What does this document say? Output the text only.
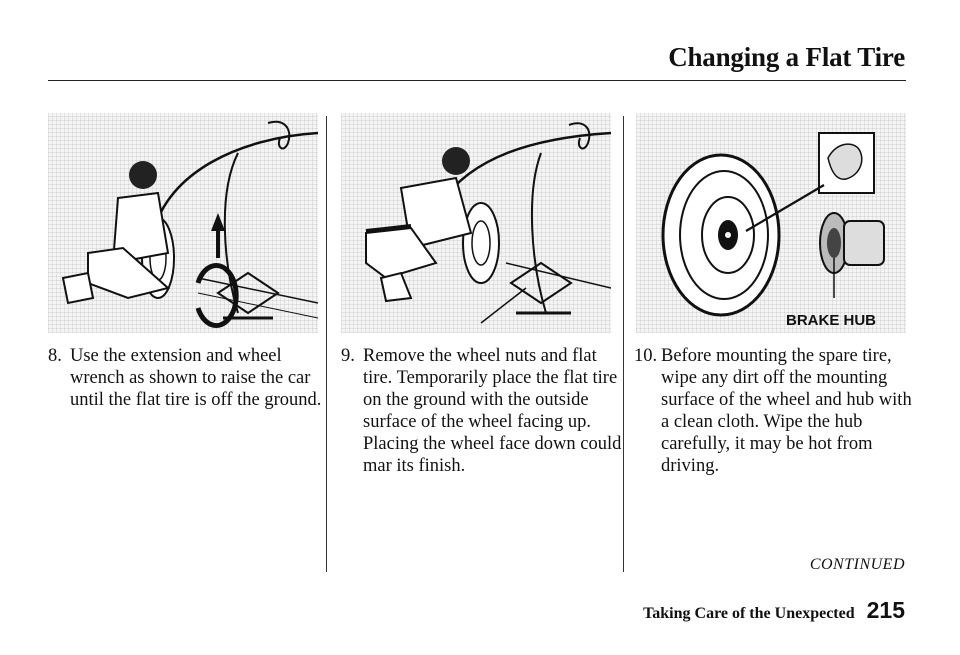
Changing a Flat Tire
BRAKE HUB
8. Use the extension and wheel
wrench as shown to raise the car
until the flat tire is off the ground.
9. Remove the wheel nuts and flat
tire. Temporarily place the flat tire
on the ground with the outside
surface of the wheel facing up.
Placing the wheel face down could
mar its finish.
10. Before mounting the spare tire,
wipe any dirt off the mounting
surface of the wheel and hub with
a clean cloth. Wipe the hub
carefully, it may be hot from
driving.
CONTINUED
Taking Care of the Unexpected 215
